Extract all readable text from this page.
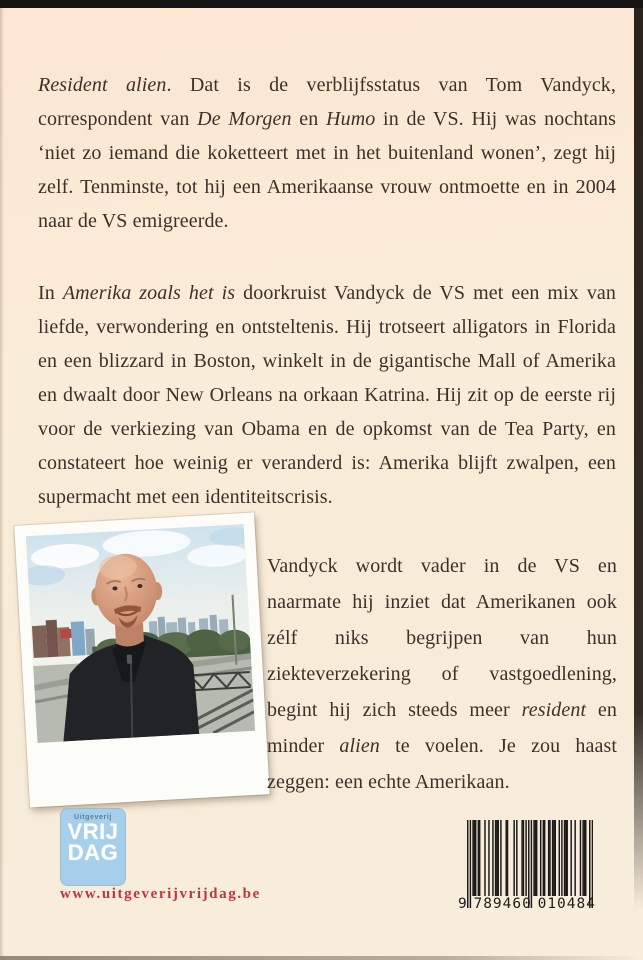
Resident alien. Dat is de verblijfsstatus van Tom Vandyck, correspondent van De Morgen en Humo in de VS. Hij was nochtans ‘niet zo iemand die koketteert met in het buitenland wonen’, zegt hij zelf. Tenminste, tot hij een Amerikaanse vrouw ontmoette en in 2004 naar de VS emigreerde.

In Amerika zoals het is doorkruist Vandyck de VS met een mix van liefde, verwondering en ontsteltenis. Hij trotseert alligators in Florida en een blizzard in Boston, winkelt in de gigantische Mall of Amerika en dwaalt door New Orleans na orkaan Katrina. Hij zit op de eerste rij voor de verkiezing van Obama en de opkomst van de Tea Party, en constateert hoe weinig er veranderd is: Amerika blijft zwalpen, een supermacht met een identiteitscrisis.

Vandyck wordt vader in de VS en naarmate hij inziet dat Amerikanen ook zélf niks begrijpen van hun ziekteverzekering of vastgoedlening, begint hij zich steeds meer resident en minder alien te voelen. Je zou haast zeggen: een echte Amerikaan.

Uitgeverij
VRIJ
DAG
www.uitgeverijvrijdag.be
9 789460 010484
